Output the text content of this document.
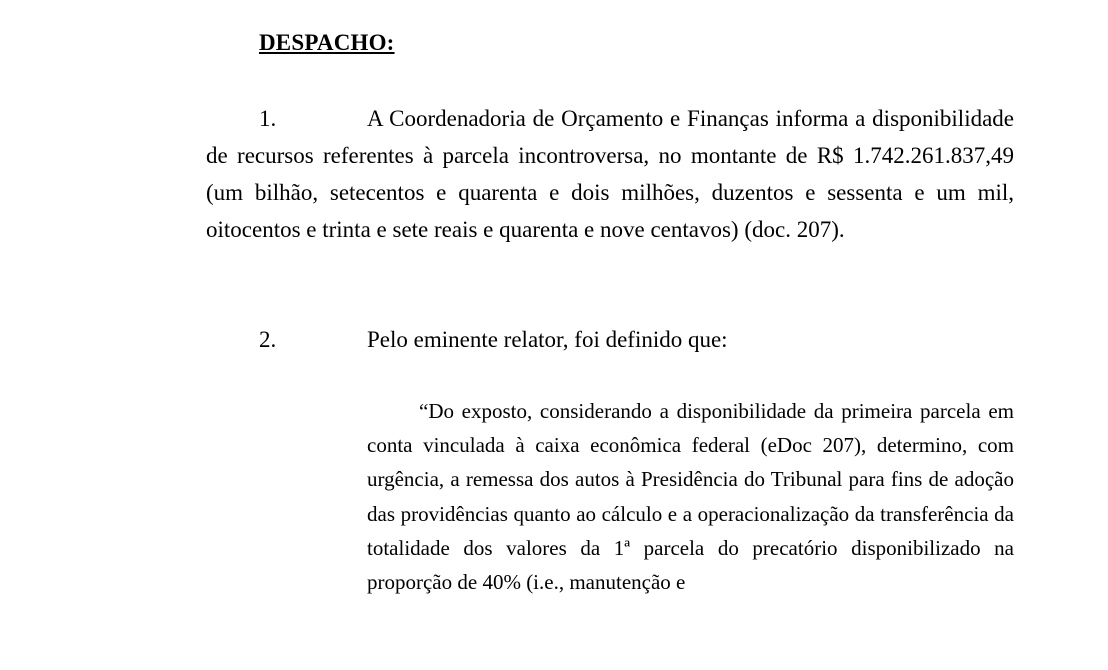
DESPACHO:

1.	A Coordenadoria de Orçamento e Finanças informa a disponibilidade de recursos referentes à parcela incontroversa, no montante de R$ 1.742.261.837,49 (um bilhão, setecentos e quarenta e dois milhões, duzentos e sessenta e um mil, oitocentos e trinta e sete reais e quarenta e nove centavos) (doc. 207).

2.	Pelo eminente relator, foi definido que:

“Do exposto, considerando a disponibilidade da primeira parcela em conta vinculada à caixa econômica federal (eDoc 207), determino, com urgência, a remessa dos autos à Presidência do Tribunal para fins de adoção das providências quanto ao cálculo e a operacionalização da transferência da totalidade dos valores da 1ª parcela do precatório disponibilizado na proporção de 40% (i.e., manutenção e
